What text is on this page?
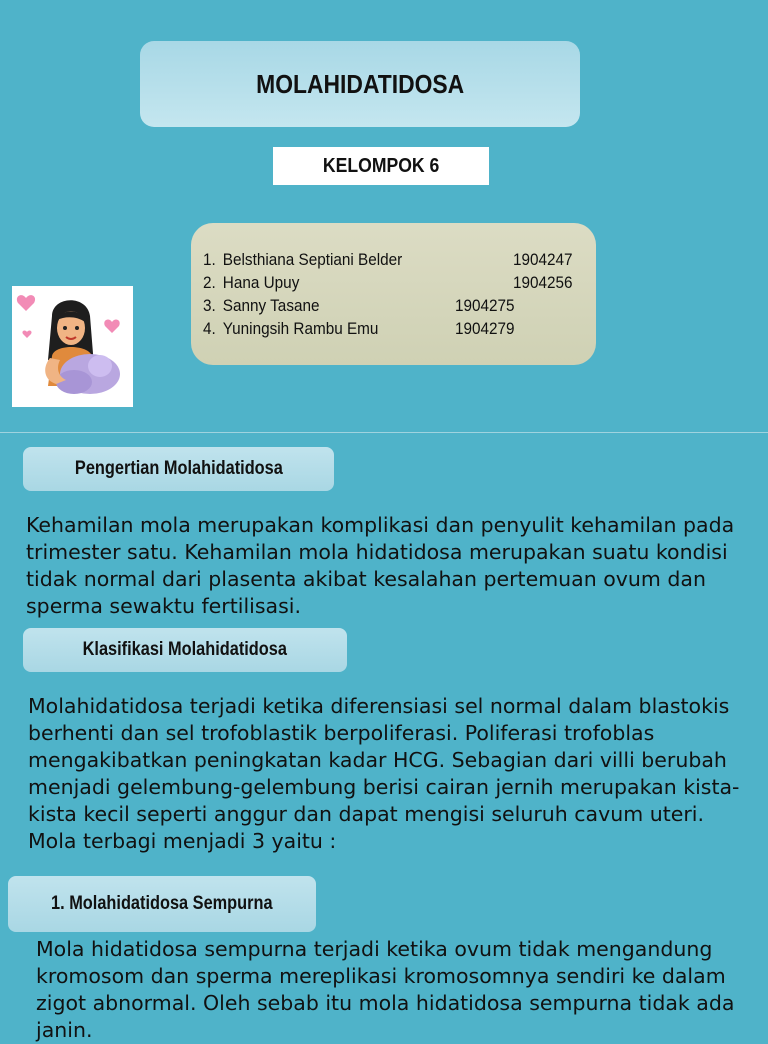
MOLAHIDATIDOSA
KELOMPOK 6
1. Belsthiana Septiani Belder	1904247
2. Hana Upuy	1904256
3. Sanny Tasane	1904275
4. Yuningsih Rambu Emu	1904279
Pengertian Molahidatidosa
Kehamilan mola merupakan komplikasi dan penyulit kehamilan pada trimester satu. Kehamilan mola hidatidosa merupakan suatu kondisi tidak normal dari plasenta akibat kesalahan pertemuan ovum dan sperma sewaktu fertilisasi.
Klasifikasi Molahidatidosa
Molahidatidosa terjadi ketika diferensiasi sel normal dalam blastokis berhenti dan sel trofoblastik berpoliferasi. Poliferasi trofoblas mengakibatkan peningkatan kadar HCG. Sebagian dari villi berubah menjadi gelembung-gelembung berisi cairan jernih merupakan kista-kista kecil seperti anggur dan dapat mengisi seluruh cavum uteri. Mola terbagi menjadi 3 yaitu :
1. Molahidatidosa Sempurna
Mola hidatidosa sempurna terjadi ketika ovum tidak mengandung kromosom dan sperma mereplikasi kromosomnya sendiri ke dalam zigot abnormal. Oleh sebab itu mola hidatidosa sempurna tidak ada janin.
